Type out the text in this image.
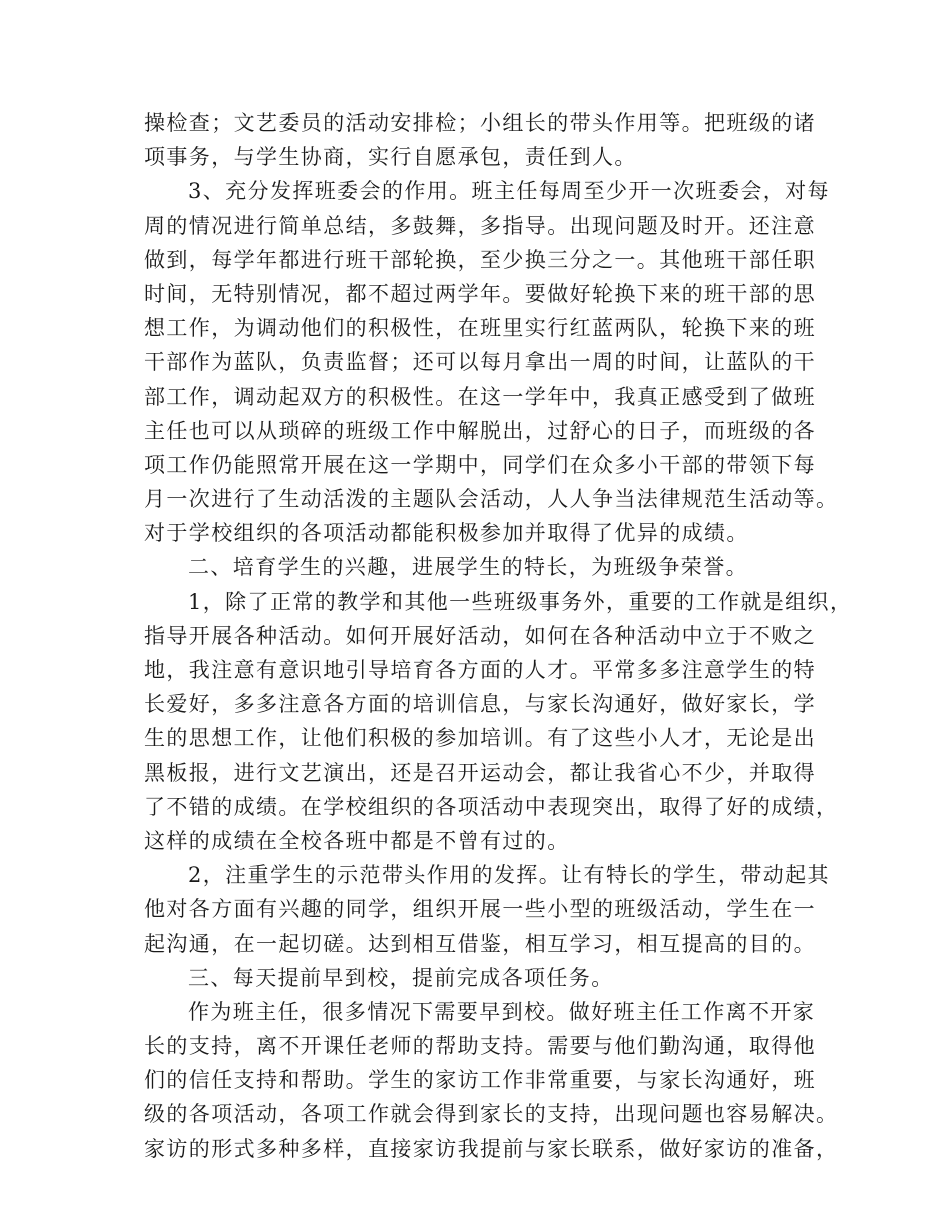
操检查；文艺委员的活动安排检；小组长的带头作用等。把班级的诸
项事务，与学生协商，实行自愿承包，责任到人。
3、充分发挥班委会的作用。班主任每周至少开一次班委会，对每
周的情况进行简单总结，多鼓舞，多指导。出现问题及时开。还注意
做到，每学年都进行班干部轮换，至少换三分之一。其他班干部任职
时间，无特别情况，都不超过两学年。要做好轮换下来的班干部的思
想工作，为调动他们的积极性，在班里实行红蓝两队，轮换下来的班
干部作为蓝队，负责监督；还可以每月拿出一周的时间，让蓝队的干
部工作，调动起双方的积极性。在这一学年中，我真正感受到了做班
主任也可以从琐碎的班级工作中解脱出，过舒心的日子，而班级的各
项工作仍能照常开展在这一学期中，同学们在众多小干部的带领下每
月一次进行了生动活泼的主题队会活动，人人争当法律规范生活动等。
对于学校组织的各项活动都能积极参加并取得了优异的成绩。
二、培育学生的兴趣，进展学生的特长，为班级争荣誉。
1，除了正常的教学和其他一些班级事务外，重要的工作就是组织，
指导开展各种活动。如何开展好活动，如何在各种活动中立于不败之
地，我注意有意识地引导培育各方面的人才。平常多多注意学生的特
长爱好，多多注意各方面的培训信息，与家长沟通好，做好家长，学
生的思想工作，让他们积极的参加培训。有了这些小人才，无论是出
黑板报，进行文艺演出，还是召开运动会，都让我省心不少，并取得
了不错的成绩。在学校组织的各项活动中表现突出，取得了好的成绩，
这样的成绩在全校各班中都是不曾有过的。
2，注重学生的示范带头作用的发挥。让有特长的学生，带动起其
他对各方面有兴趣的同学，组织开展一些小型的班级活动，学生在一
起沟通，在一起切磋。达到相互借鉴，相互学习，相互提高的目的。
三、每天提前早到校，提前完成各项任务。
作为班主任，很多情况下需要早到校。做好班主任工作离不开家
长的支持，离不开课任老师的帮助支持。需要与他们勤沟通，取得他
们的信任支持和帮助。学生的家访工作非常重要，与家长沟通好，班
级的各项活动，各项工作就会得到家长的支持，出现问题也容易解决。
家访的形式多种多样，直接家访我提前与家长联系，做好家访的准备，
